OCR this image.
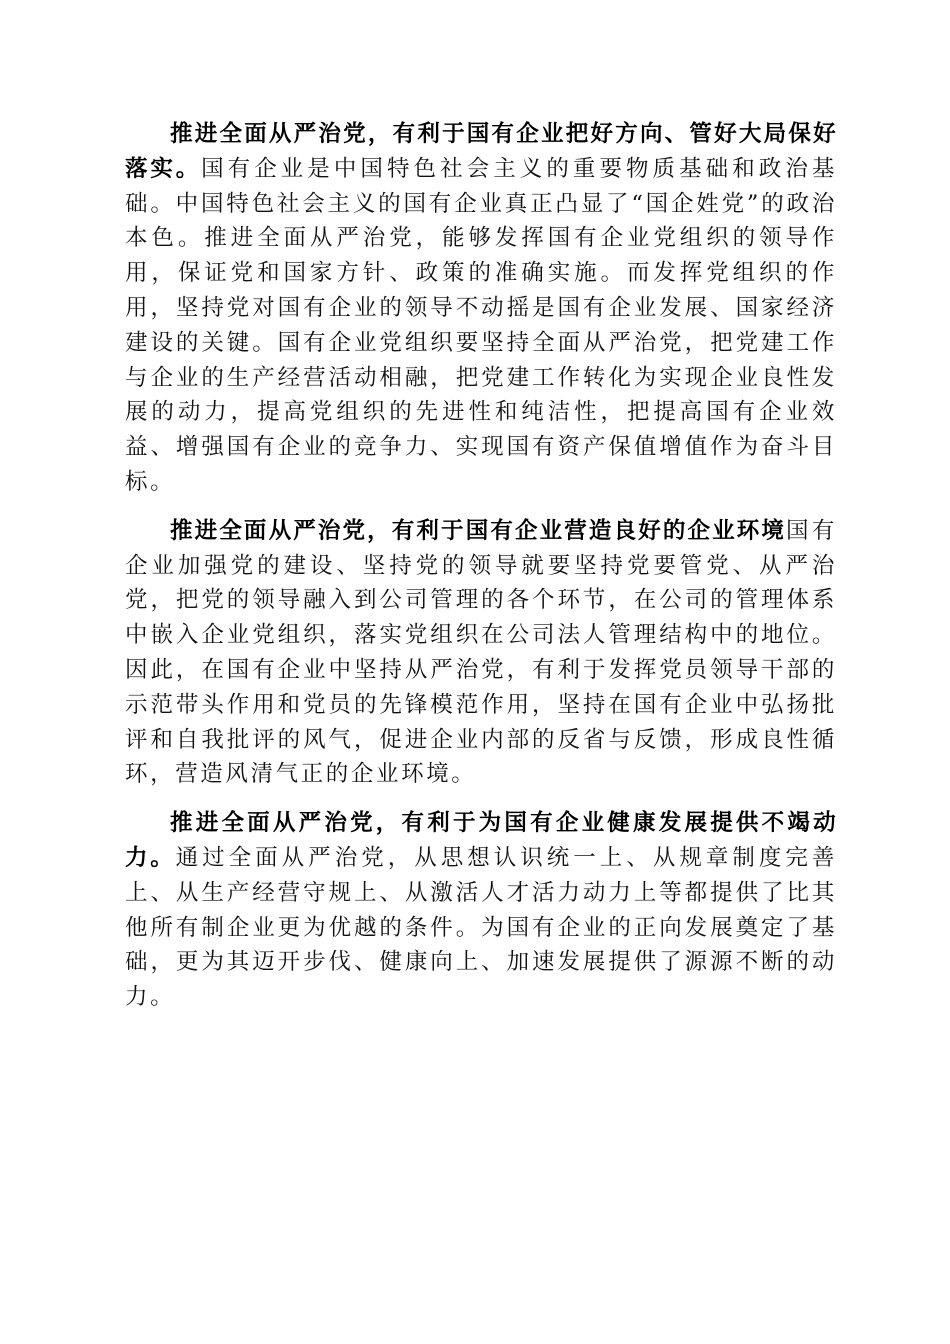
推进全面从严治党，有利于国有企业把好方向、管好大局保好落实。国有企业是中国特色社会主义的重要物质基础和政治基础。中国特色社会主义的国有企业真正凸显了“国企姓党”的政治本色。推进全面从严治党，能够发挥国有企业党组织的领导作用，保证党和国家方针、政策的准确实施。而发挥党组织的作用，坚持党对国有企业的领导不动摇是国有企业发展、国家经济建设的关键。国有企业党组织要坚持全面从严治党，把党建工作与企业的生产经营活动相融，把党建工作转化为实现企业良性发展的动力，提高党组织的先进性和纯洁性，把提高国有企业效益、增强国有企业的竞争力、实现国有资产保值增值作为奋斗目标。

推进全面从严治党，有利于国有企业营造良好的企业环境国有企业加强党的建设、坚持党的领导就要坚持党要管党、从严治党，把党的领导融入到公司管理的各个环节，在公司的管理体系中嵌入企业党组织，落实党组织在公司法人管理结构中的地位。因此，在国有企业中坚持从严治党，有利于发挥党员领导干部的示范带头作用和党员的先锋模范作用，坚持在国有企业中弘扬批评和自我批评的风气，促进企业内部的反省与反馈，形成良性循环，营造风清气正的企业环境。

推进全面从严治党，有利于为国有企业健康发展提供不竭动力。通过全面从严治党，从思想认识统一上、从规章制度完善上、从生产经营守规上、从激活人才活力动力上等都提供了比其他所有制企业更为优越的条件。为国有企业的正向发展奠定了基础，更为其迈开步伐、健康向上、加速发展提供了源源不断的动力。
